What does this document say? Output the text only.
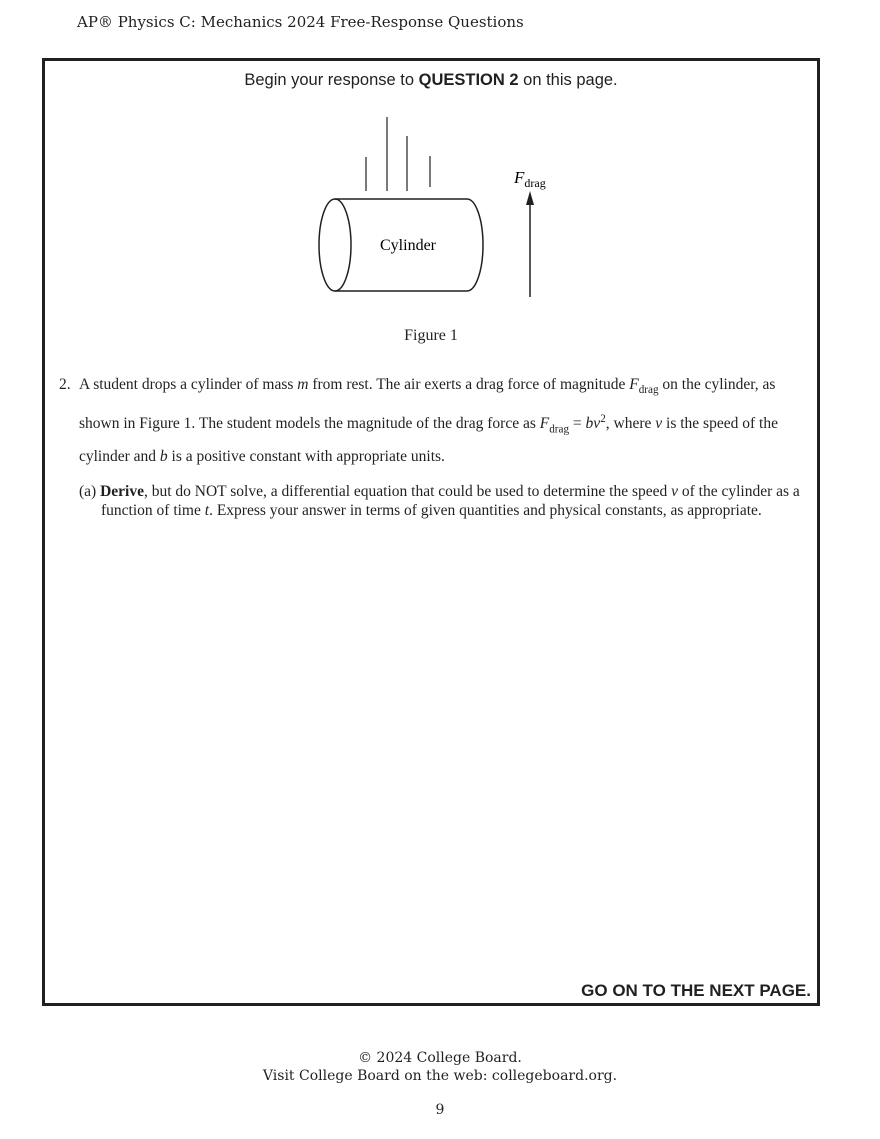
AP® Physics C: Mechanics 2024 Free-Response Questions
Begin your response to QUESTION 2 on this page.
Cylinder
$F_{drag}$
Figure 1
2. A student drops a cylinder of mass m from rest. The air exerts a drag force of magnitude $F_{drag}$ on the cylinder, as shown in Figure 1. The student models the magnitude of the drag force as $F_{drag} = bv^2$, where v is the speed of the cylinder and b is a positive constant with appropriate units.
(a) Derive, but do NOT solve, a differential equation that could be used to determine the speed v of the cylinder as a function of time t. Express your answer in terms of given quantities and physical constants, as appropriate.
GO ON TO THE NEXT PAGE.
© 2024 College Board.
Visit College Board on the web: collegeboard.org.
9
